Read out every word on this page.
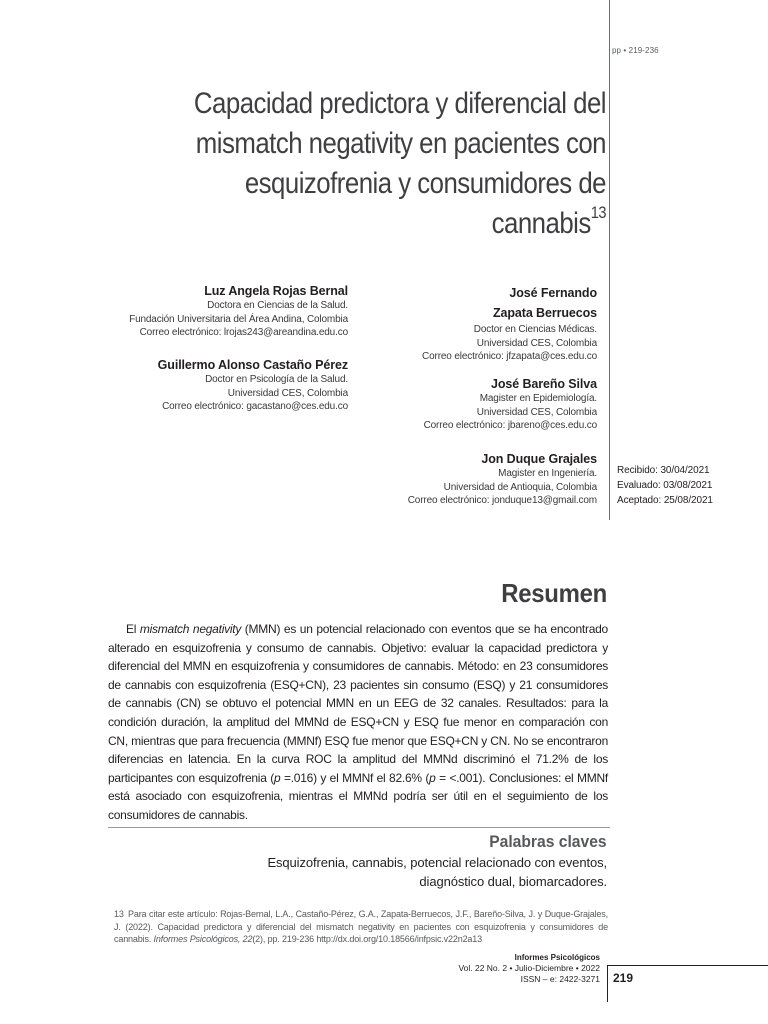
pp • 219-236
Capacidad predictora y diferencial del
mismatch negativity en pacientes con
esquizofrenia y consumidores de cannabis$^{13}$
Luz Angela Rojas Bernal
Doctora en Ciencias de la Salud.
Fundación Universitaria del Área Andina, Colombia
Correo electrónico: lrojas243@areandina.edu.co
Guillermo Alonso Castaño Pérez
Doctor en Psicología de la Salud.
Universidad CES, Colombia
Correo electrónico: gacastano@ces.edu.co
José Fernando
Zapata Berruecos
Doctor en Ciencias Médicas.
Universidad CES, Colombia
Correo electrónico: jfzapata@ces.edu.co
José Bareño Silva
Magister en Epidemiología.
Universidad CES, Colombia
Correo electrónico: jbareno@ces.edu.co
Jon Duque Grajales
Magister en Ingeniería.
Universidad de Antioquia, Colombia
Correo electrónico: jonduque13@gmail.com
Recibido: 30/04/2021
Evaluado: 03/08/2021
Aceptado: 25/08/2021
Resumen

El mismatch negativity (MMN) es un potencial relacionado con eventos que se ha encontrado alterado en esquizofrenia y consumo de cannabis. Objetivo: evaluar la capacidad predictora y diferencial del MMN en esquizofrenia y consumidores de cannabis. Método: en 23 consumidores de cannabis con esquizofrenia (ESQ+CN), 23 pacientes sin consumo (ESQ) y 21 consumidores de cannabis (CN) se obtuvo el potencial MMN en un EEG de 32 canales. Resultados: para la condición duración, la amplitud del MMNd de ESQ+CN y ESQ fue menor en comparación con CN, mientras que para frecuencia (MMNf) ESQ fue menor que ESQ+CN y CN. No se encontraron diferencias en latencia. En la curva ROC la amplitud del MMNd discriminó el 71.2% de los participantes con esquizofrenia (p =.016) y el MMNf el 82.6% (p = <.001). Conclusiones: el MMNf está asociado con esquizofrenia, mientras el MMNd podría ser útil en el seguimiento de los consumidores de cannabis.

Palabras claves
Esquizofrenia, cannabis, potencial relacionado con eventos,
diagnóstico dual, biomarcadores.
13 Para citar este artículo: Rojas-Bernal, L.A., Castaño-Pérez, G.A., Zapata-Berruecos, J.F., Bareño-Silva, J. y Duque-Grajales, J. (2022). Capacidad predictora y diferencial del mismatch negativity en pacientes con esquizofrenia y consumidores de cannabis. Informes Psicológicos, 22(2), pp. 219-236 http://dx.doi.org/10.18566/infpsic.v22n2a13
Informes Psicológicos
Vol. 22 No. 2 • Julio-Diciembre • 2022
ISSN – e: 2422-3271 219
